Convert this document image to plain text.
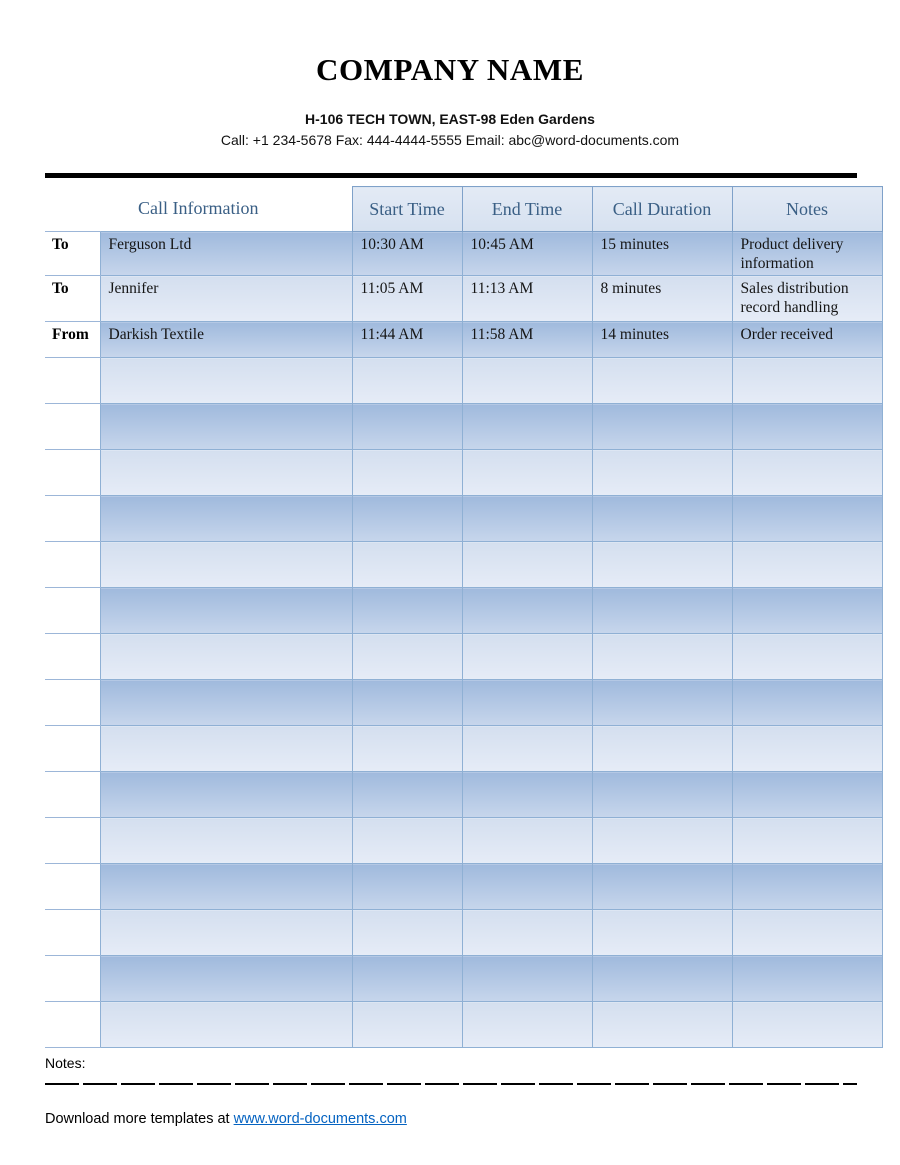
COMPANY NAME
H-106 TECH TOWN, EAST-98 Eden Gardens
Call: +1 234-5678 Fax: 444-4444-5555 Email: abc@word-documents.com
Call Information		Start Time	End Time	Call Duration	Notes
To	Ferguson Ltd	10:30 AM	10:45 AM	15 minutes	Product delivery information
To	Jennifer	11:05 AM	11:13 AM	8 minutes	Sales distribution record handling
From	Darkish Textile	11:44 AM	11:58 AM	14 minutes	Order received

Notes:
Download more templates at www.word-documents.com
